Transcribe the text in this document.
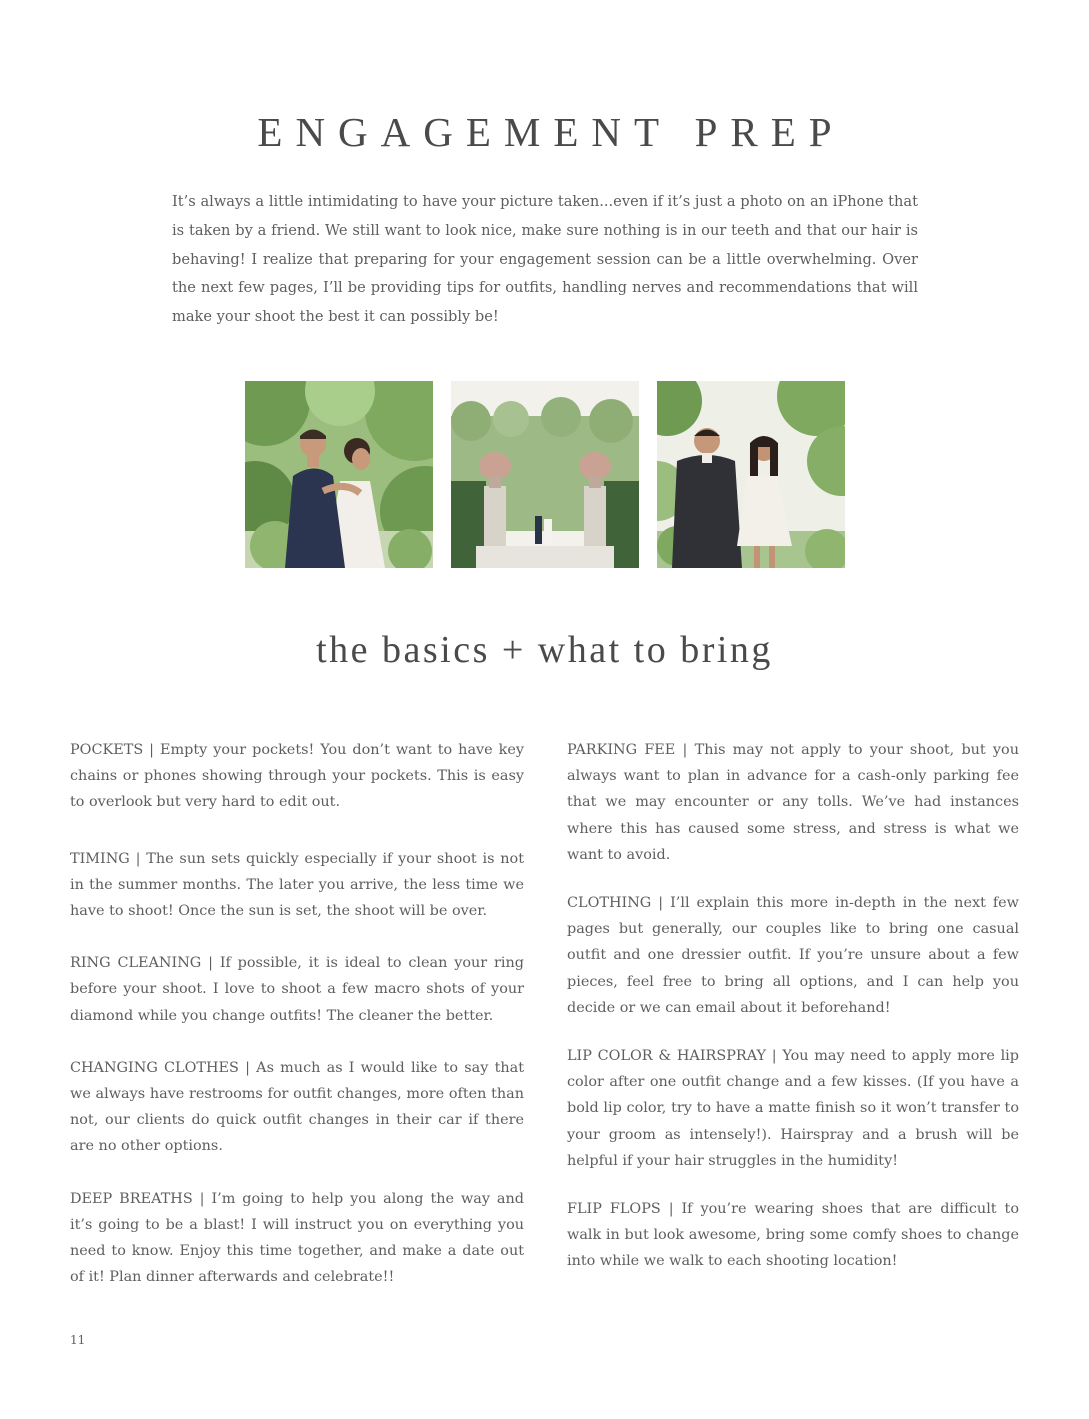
ENGAGEMENT PREP

It’s always a little intimidating to have your picture taken...even if it’s just a photo on an iPhone that is taken by a friend. We still want to look nice, make sure nothing is in our teeth and that our hair is behaving! I realize that preparing for your engagement session can be a little overwhelming. Over the next few pages, I’ll be providing tips for outfits, handling nerves and recommendations that will make your shoot the best it can possibly be!

the basics + what to bring

POCKETS | Empty your pockets! You don’t want to have key chains or phones showing through your pockets. This is easy to overlook but very hard to edit out.

TIMING | The sun sets quickly especially if your shoot is not in the summer months. The later you arrive, the less time we have to shoot! Once the sun is set, the shoot will be over.

RING CLEANING | If possible, it is ideal to clean your ring before your shoot. I love to shoot a few macro shots of your diamond while you change outfits! The cleaner the better.

CHANGING CLOTHES | As much as I would like to say that we always have restrooms for outfit changes, more often than not, our clients do quick outfit changes in their car if there are no other options.

DEEP BREATHS | I’m going to help you along the way and it’s going to be a blast! I will instruct you on everything you need to know. Enjoy this time together, and make a date out of it! Plan dinner afterwards and celebrate!!

PARKING FEE | This may not apply to your shoot, but you always want to plan in advance for a cash-only parking fee that we may encounter or any tolls. We’ve had instances where this has caused some stress, and stress is what we want to avoid.

CLOTHING | I’ll explain this more in-depth in the next few pages but generally, our couples like to bring one casual outfit and one dressier outfit. If you’re unsure about a few pieces, feel free to bring all options, and I can help you decide or we can email about it beforehand!

LIP COLOR & HAIRSPRAY | You may need to apply more lip color after one outfit change and a few kisses. (If you have a bold lip color, try to have a matte finish so it won’t transfer to your groom as intensely!). Hairspray and a brush will be helpful if your hair struggles in the humidity!

FLIP FLOPS | If you’re wearing shoes that are difficult to walk in but look awesome, bring some comfy shoes to change into while we walk to each shooting location!

11
